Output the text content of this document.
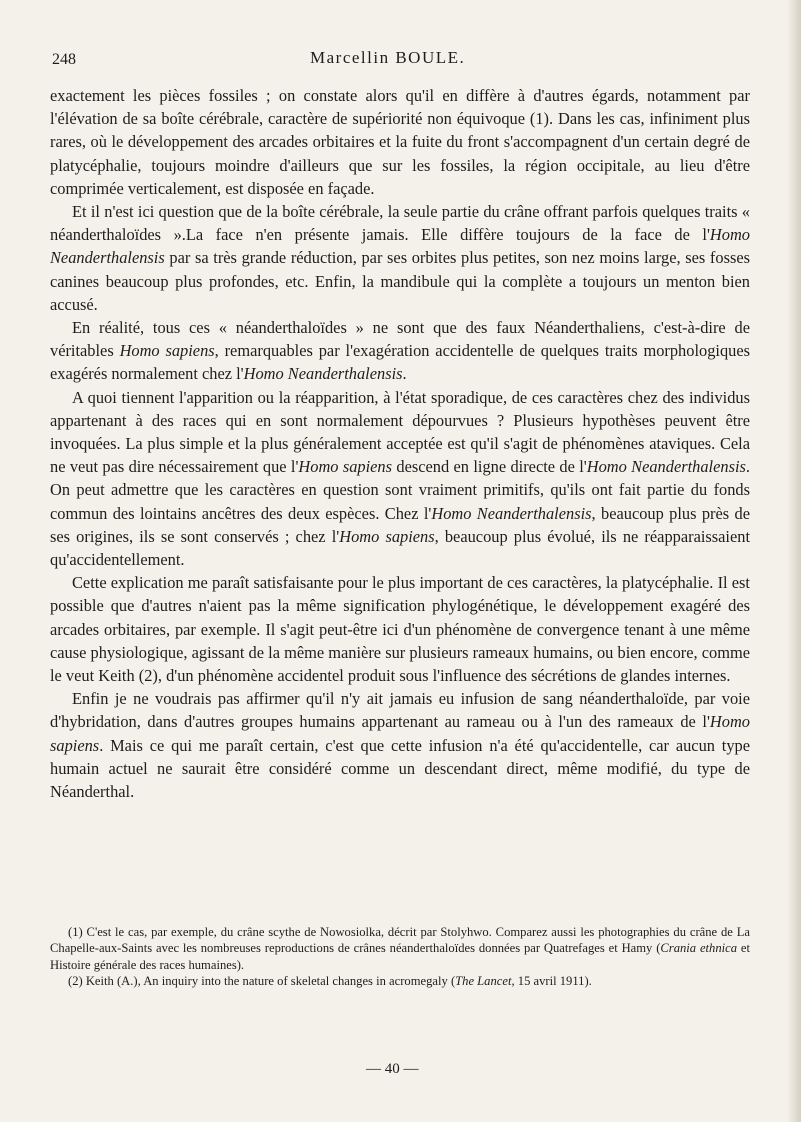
248	Marcellin BOULE.

exactement les pièces fossiles ; on constate alors qu'il en diffère à d'autres égards, notamment par l'élévation de sa boîte cérébrale, caractère de supériorité non équivoque (1). Dans les cas, infiniment plus rares, où le développement des arcades orbitaires et la fuite du front s'accompagnent d'un certain degré de platycéphalie, toujours moindre d'ailleurs que sur les fossiles, la région occipitale, au lieu d'être comprimée verticalement, est disposée en façade.

Et il n'est ici question que de la boîte cérébrale, la seule partie du crâne offrant parfois quelques traits « néanderthaloïdes ».La face n'en présente jamais. Elle diffère toujours de la face de l'Homo Neanderthalensis par sa très grande réduction, par ses orbites plus petites, son nez moins large, ses fosses canines beaucoup plus profondes, etc. Enfin, la mandibule qui la complète a toujours un menton bien accusé.

En réalité, tous ces « néanderthaloïdes » ne sont que des faux Néanderthaliens, c'est-à-dire de véritables Homo sapiens, remarquables par l'exagération accidentelle de quelques traits morphologiques exagérés normalement chez l'Homo Neanderthalensis.

A quoi tiennent l'apparition ou la réapparition, à l'état sporadique, de ces caractères chez des individus appartenant à des races qui en sont normalement dépourvues ? Plusieurs hypothèses peuvent être invoquées. La plus simple et la plus généralement acceptée est qu'il s'agit de phénomènes ataviques. Cela ne veut pas dire nécessairement que l'Homo sapiens descend en ligne directe de l'Homo Neanderthalensis. On peut admettre que les caractères en question sont vraiment primitifs, qu'ils ont fait partie du fonds commun des lointains ancêtres des deux espèces. Chez l'Homo Neanderthalensis, beaucoup plus près de ses origines, ils se sont conservés ; chez l'Homo sapiens, beaucoup plus évolué, ils ne réapparaissaient qu'accidentellement.

Cette explication me paraît satisfaisante pour le plus important de ces caractères, la platycéphalie. Il est possible que d'autres n'aient pas la même signification phylogénétique, le développement exagéré des arcades orbitaires, par exemple. Il s'agit peut-être ici d'un phénomène de convergence tenant à une même cause physiologique, agissant de la même manière sur plusieurs rameaux humains, ou bien encore, comme le veut Keith (2), d'un phénomène accidentel produit sous l'influence des sécrétions de glandes internes.

Enfin je ne voudrais pas affirmer qu'il n'y ait jamais eu infusion de sang néanderthaloïde, par voie d'hybridation, dans d'autres groupes humains appartenant au rameau ou à l'un des rameaux de l'Homo sapiens. Mais ce qui me paraît certain, c'est que cette infusion n'a été qu'accidentelle, car aucun type humain actuel ne saurait être considéré comme un descendant direct, même modifié, du type de Néanderthal.

(1) C'est le cas, par exemple, du crâne scythe de Nowosiolka, décrit par Stolyhwo. Comparez aussi les photographies du crâne de La Chapelle-aux-Saints avec les nombreuses reproductions de crânes néanderthaloïdes données par Quatrefages et Hamy (Crania ethnica et Histoire générale des races humaines).

(2) Keith (A.), An inquiry into the nature of skeletal changes in acromegaly (The Lancet, 15 avril 1911).

— 40 —
